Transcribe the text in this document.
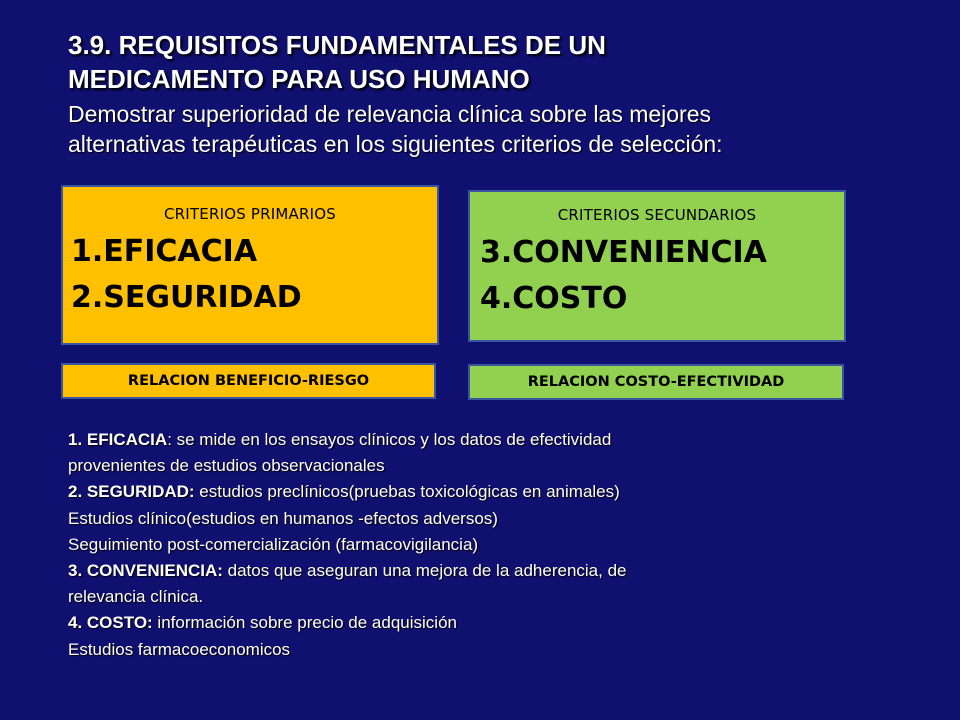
3.9. REQUISITOS FUNDAMENTALES DE UN
MEDICAMENTO PARA USO HUMANO

Demostrar superioridad de relevancia clínica sobre las mejores
alternativas terapéuticas en los siguientes criterios de selección:

CRITERIOS PRIMARIOS
1.EFICACIA
2.SEGURIDAD
CRITERIOS SECUNDARIOS
3.CONVENIENCIA
4.COSTO
RELACION BENEFICIO-RIESGO	RELACION COSTO-EFECTIVIDAD
1. EFICACIA: se mide en los ensayos clínicos y los datos de efectividad
provenientes de estudios observacionales
2. SEGURIDAD: estudios preclínicos(pruebas toxicológicas en animales)
Estudios clínico(estudios en humanos -efectos adversos)
Seguimiento post-comercialización (farmacovigilancia)
3. CONVENIENCIA: datos que aseguran una mejora de la adherencia, de
relevancia clínica.
4. COSTO: información sobre precio de adquisición
Estudios farmacoeconomicos
